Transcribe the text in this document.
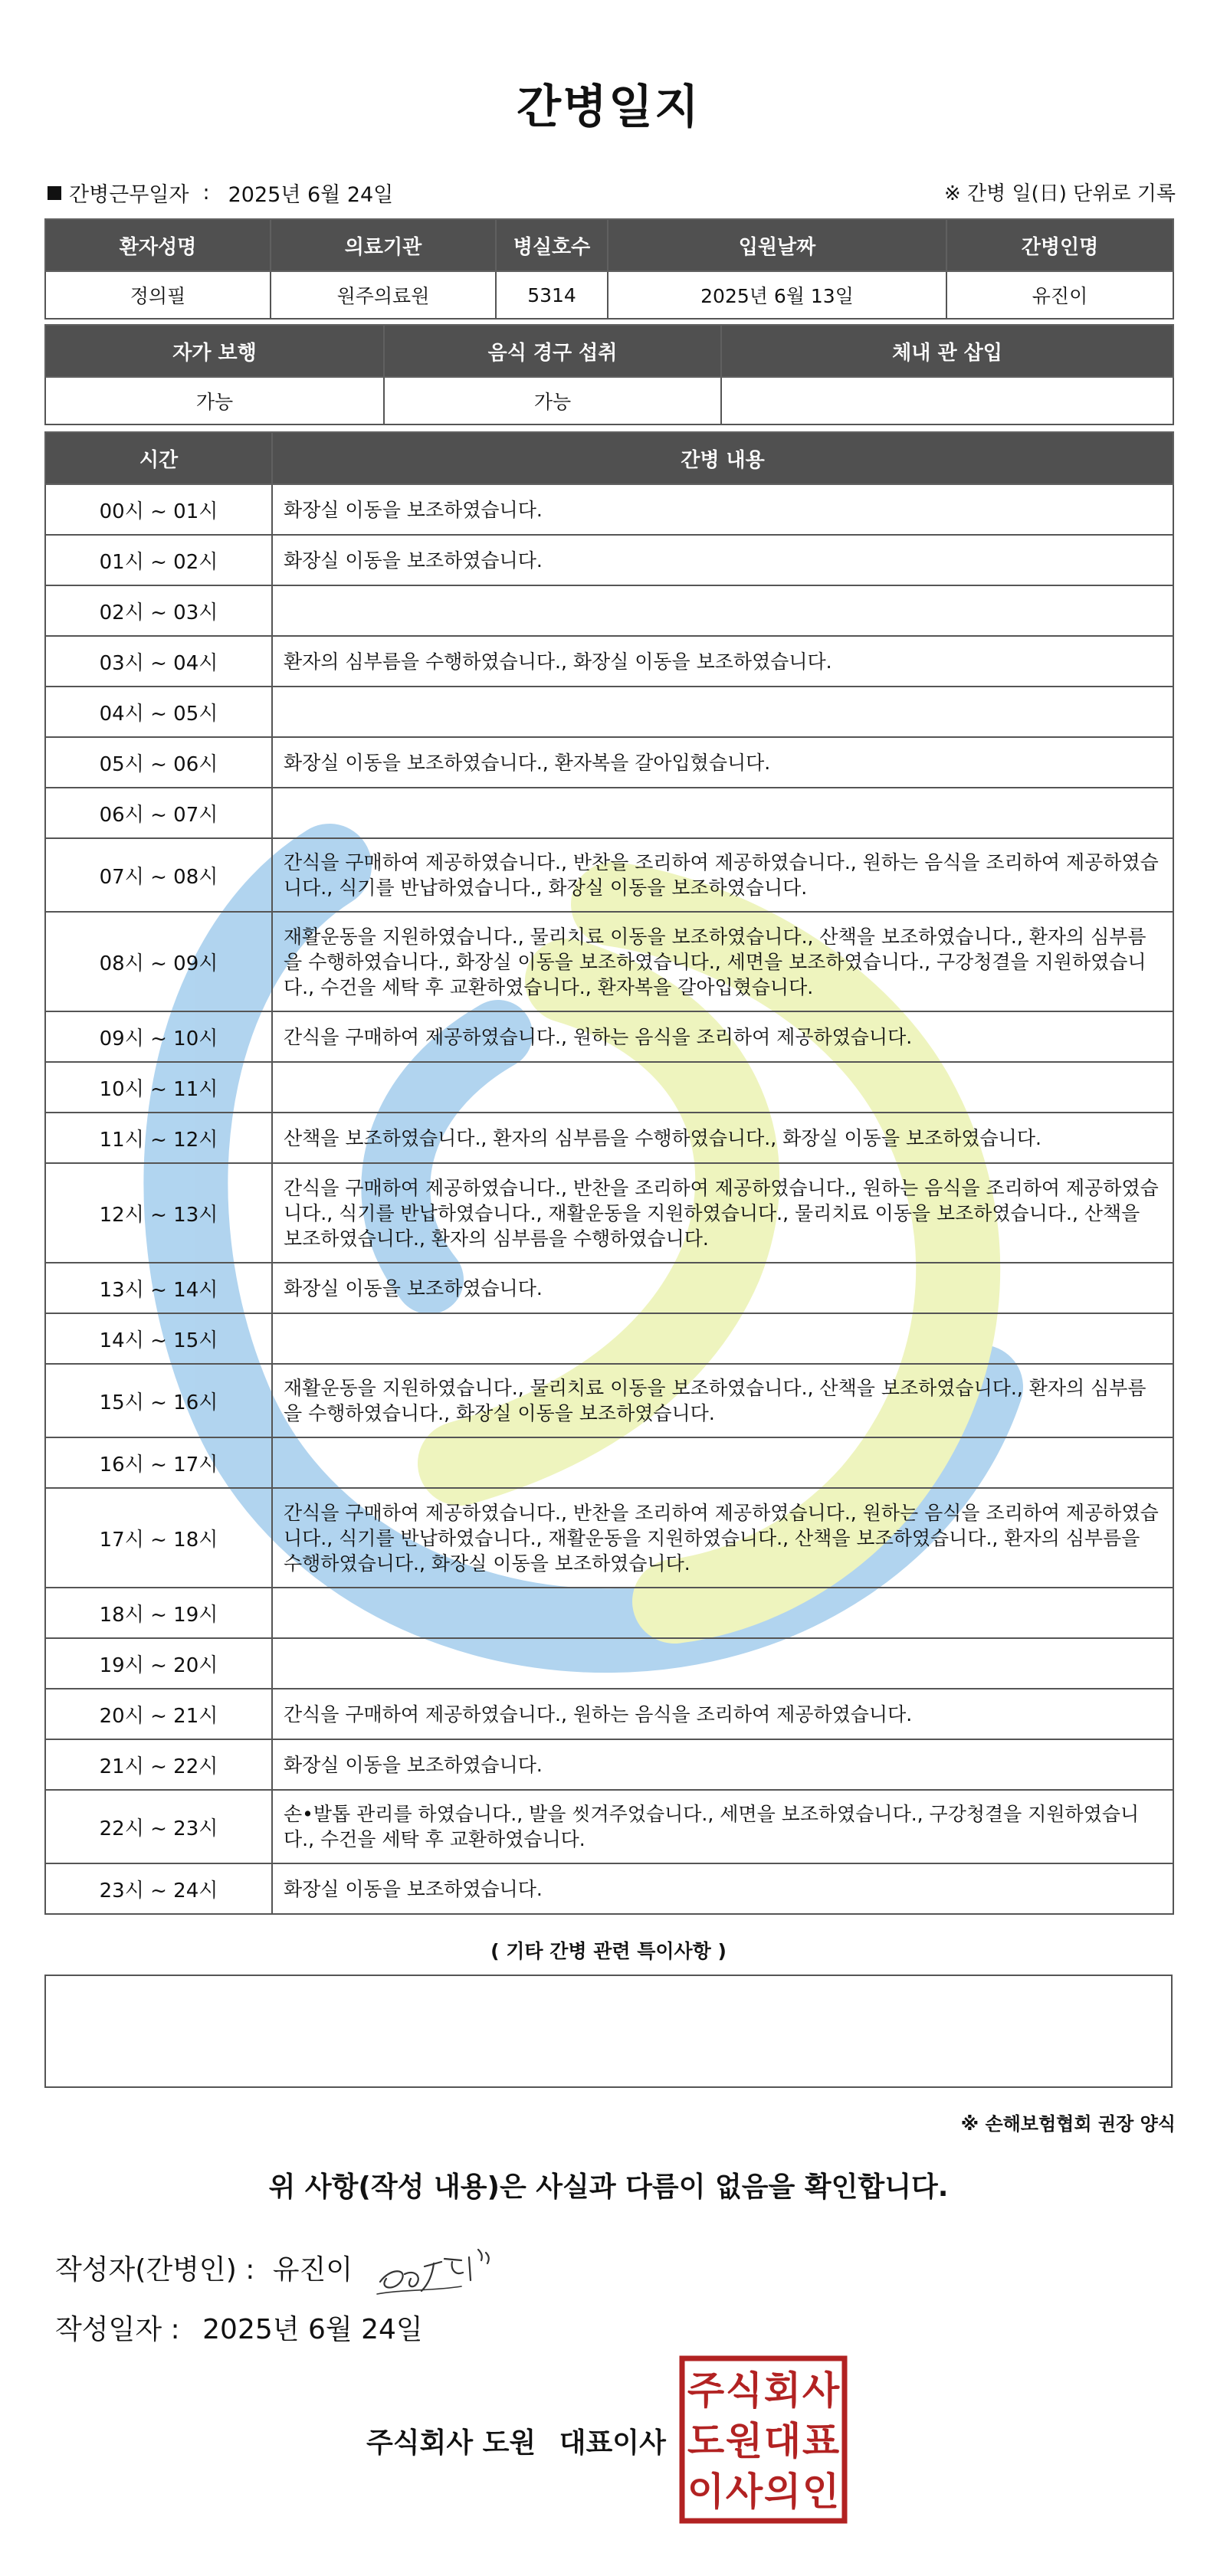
간병일지
간병근무일자 : 2025년 6월 24일	※ 간병 일(日) 단위로 기록
환자성명	의료기관	병실호수	입원날짜	간병인명
정의필	원주의료원	5314	2025년 6월 13일	유진이
자가 보행	음식 경구 섭취	체내 관 삽입
가능	가능	
시간	간병 내용
00시 ~ 01시	화장실 이동을 보조하였습니다.
01시 ~ 02시	화장실 이동을 보조하였습니다.
02시 ~ 03시	
03시 ~ 04시	환자의 심부름을 수행하였습니다., 화장실 이동을 보조하였습니다.
04시 ~ 05시	
05시 ~ 06시	화장실 이동을 보조하였습니다., 환자복을 갈아입혔습니다.
06시 ~ 07시	
07시 ~ 08시	간식을 구매하여 제공하였습니다., 반찬을 조리하여 제공하였습니다., 원하는 음식을 조리하여 제공하였습니다., 식기를 반납하였습니다., 화장실 이동을 보조하였습니다.
08시 ~ 09시	재활운동을 지원하였습니다., 물리치료 이동을 보조하였습니다., 산책을 보조하였습니다., 환자의 심부름을 수행하였습니다., 화장실 이동을 보조하였습니다., 세면을 보조하였습니다., 구강청결을 지원하였습니다., 수건을 세탁 후 교환하였습니다., 환자복을 갈아입혔습니다.
09시 ~ 10시	간식을 구매하여 제공하였습니다., 원하는 음식을 조리하여 제공하였습니다.
10시 ~ 11시	
11시 ~ 12시	산책을 보조하였습니다., 환자의 심부름을 수행하였습니다., 화장실 이동을 보조하였습니다.
12시 ~ 13시	간식을 구매하여 제공하였습니다., 반찬을 조리하여 제공하였습니다., 원하는 음식을 조리하여 제공하였습니다., 식기를 반납하였습니다., 재활운동을 지원하였습니다., 물리치료 이동을 보조하였습니다., 산책을 보조하였습니다., 환자의 심부름을 수행하였습니다.
13시 ~ 14시	화장실 이동을 보조하였습니다.
14시 ~ 15시	
15시 ~ 16시	재활운동을 지원하였습니다., 물리치료 이동을 보조하였습니다., 산책을 보조하였습니다., 환자의 심부름을 수행하였습니다., 화장실 이동을 보조하였습니다.
16시 ~ 17시	
17시 ~ 18시	간식을 구매하여 제공하였습니다., 반찬을 조리하여 제공하였습니다., 원하는 음식을 조리하여 제공하였습니다., 식기를 반납하였습니다., 재활운동을 지원하였습니다., 산책을 보조하였습니다., 환자의 심부름을 수행하였습니다., 화장실 이동을 보조하였습니다.
18시 ~ 19시	
19시 ~ 20시	
20시 ~ 21시	간식을 구매하여 제공하였습니다., 원하는 음식을 조리하여 제공하였습니다.
21시 ~ 22시	화장실 이동을 보조하였습니다.
22시 ~ 23시	손•발톱 관리를 하였습니다., 발을 씻겨주었습니다., 세면을 보조하였습니다., 구강청결을 지원하였습니다., 수건을 세탁 후 교환하였습니다.
23시 ~ 24시	화장실 이동을 보조하였습니다.
( 기타 간병 관련 특이사항 )
※ 손해보험협회 권장 양식
위 사항(작성 내용)은 사실과 다름이 없음을 확인합니다.
작성자(간병인) : 유진이
작성일자 : 2025년 6월 24일
주식회사 도원 대표이사
주 식 회 사
도 원 대 표
이 사 의 인
